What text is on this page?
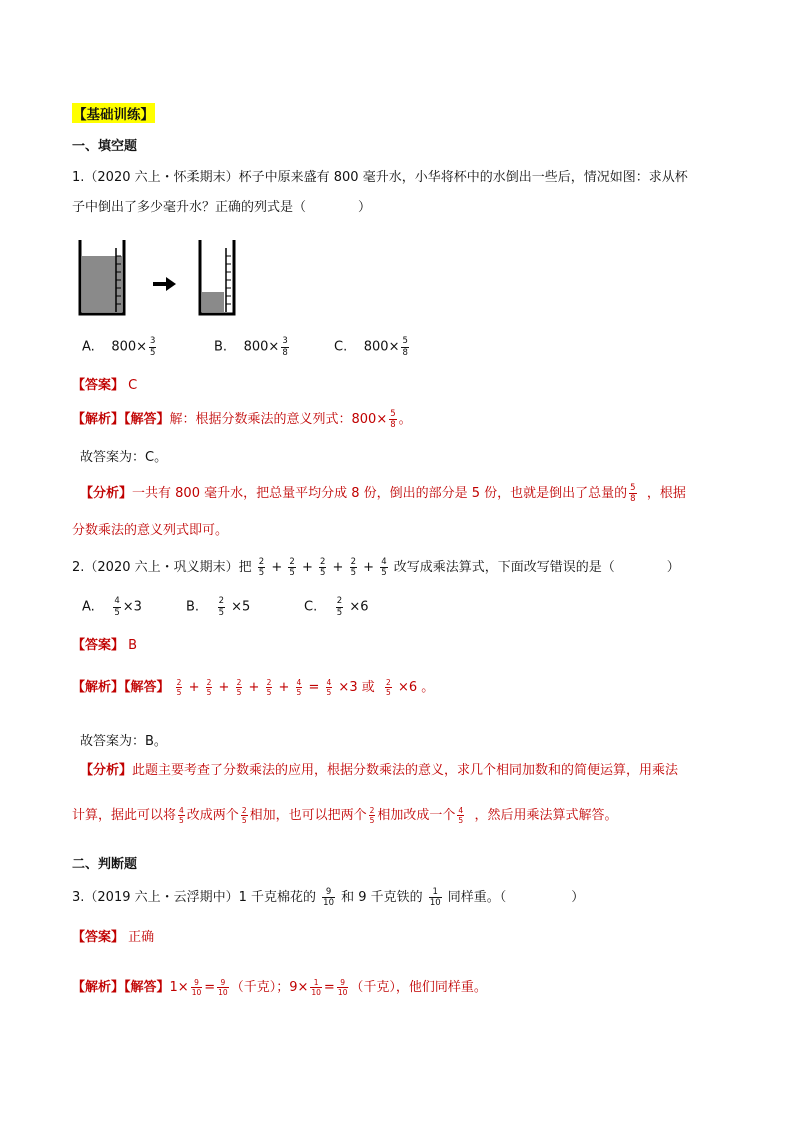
【基础训练】
一、填空题
1.（2020 六上・怀柔期末）杯子中原来盛有 800 毫升水，小华将杯中的水倒出一些后，情况如图：求从杯
子中倒出了多少毫升水？正确的列式是（　　　　）
A. $800\times \frac{3}{5}$	B. $800\times \frac{3}{8}$	C. $800\times \frac{5}{8}$
【答案】 C
【解析】【解答】解：根据分数乘法的意义列式：$800\times \frac{5}{8}$ 。
故答案为：C。
【分析】一共有 800 毫升水，把总量平均分成 8 份，倒出的部分是 5 份，也就是倒出了总量的 $\frac{5}{8}$ ，根据
分数乘法的意义列式即可。
2.（2020 六上・巩义期末）把 $\frac{2}{5} + \frac{2}{5} + \frac{2}{5} + \frac{2}{5} + \frac{4}{5}$ 改写成乘法算式，下面改写错误的是（　　　　）
A. $\frac{4}{5} \times 3$	B. $\frac{2}{5} \times 5$	C. $\frac{2}{5} \times 6$
【答案】 B
【解析】【解答】 $\frac{2}{5} + \frac{2}{5} + \frac{2}{5} + \frac{2}{5} + \frac{4}{5} = \frac{4}{5} \times 3$ 或 $\frac{2}{5} \times 6$ 。
故答案为：B。
【分析】此题主要考查了分数乘法的应用，根据分数乘法的意义，求几个相同加数和的简便运算，用乘法
计算，据此可以将 $\frac{4}{5}$ 改成两个 $\frac{2}{5}$ 相加，也可以把两个 $\frac{2}{5}$ 相加改成一个 $\frac{4}{5}$ ，然后用乘法算式解答。
二、判断题
3.（2019 六上・云浮期中）1 千克棉花的 $\frac{9}{10}$ 和 9 千克铁的 $\frac{1}{10}$ 同样重。（　　　　　）
【答案】 正确
【解析】【解答】$1\times \frac{9}{10} = \frac{9}{10}$ （千克）；$9\times \frac{1}{10} = \frac{9}{10}$ （千克），他们同样重。
